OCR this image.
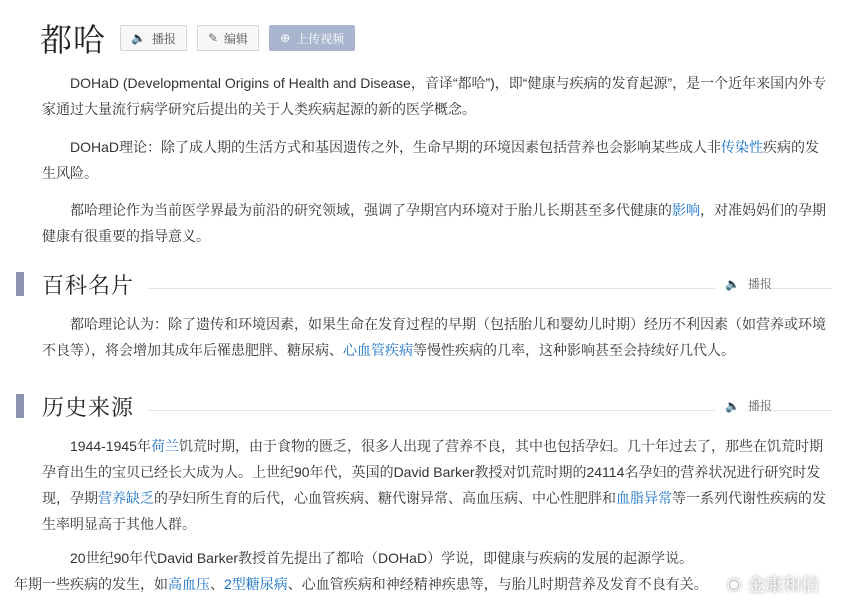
都哈 🔈 播报	✎ 编辑	⊕ 上传视频

DOHaD (Developmental Origins of Health and Disease，音译“都哈”)，即“健康与疾病的发育起源”，是一个近年来国内外专家通过大量流行病学研究后提出的关于人类疾病起源的新的医学概念。

DOHaD理论：除了成人期的生活方式和基因遗传之外，生命早期的环境因素包括营养也会影响某些成人非传染性疾病的发生风险。

都哈理论作为当前医学界最为前沿的研究领域，强调了孕期宫内环境对于胎儿长期甚至多代健康的影响，对准妈妈们的孕期健康有很重要的指导意义。

百科名片	🔈 播报

都哈理论认为：除了遗传和环境因素，如果生命在发育过程的早期（包括胎儿和婴幼儿时期）经历不利因素（如营养或环境不良等），将会增加其成年后罹患肥胖、糖尿病、心血管疾病等慢性疾病的几率，这种影响甚至会持续好几代人。

历史来源	🔈 播报

1944-1945年荷兰饥荒时期，由于食物的匮乏，很多人出现了营养不良，其中也包括孕妇。几十年过去了，那些在饥荒时期孕育出生的宝贝已经长大成为人。上世纪90年代，英国的David Barker教授对饥荒时期的24114名孕妇的营养状况进行研究时发现，孕期营养缺乏的孕妇所生育的后代，心血管疾病、糖代谢异常、高血压病、中心性肥胖和血脂异常等一系列代谢性疾病的发生率明显高于其他人群。

20世纪90年代David Barker教授首先提出了都哈（DOHaD）学说，即健康与疾病的发展的起源学说。
年期一些疾病的发生，如高血压、2型糖尿病、心血管疾病和神经精神疾患等，与胎儿时期营养及发育不良有关。	◉ 金康和信
